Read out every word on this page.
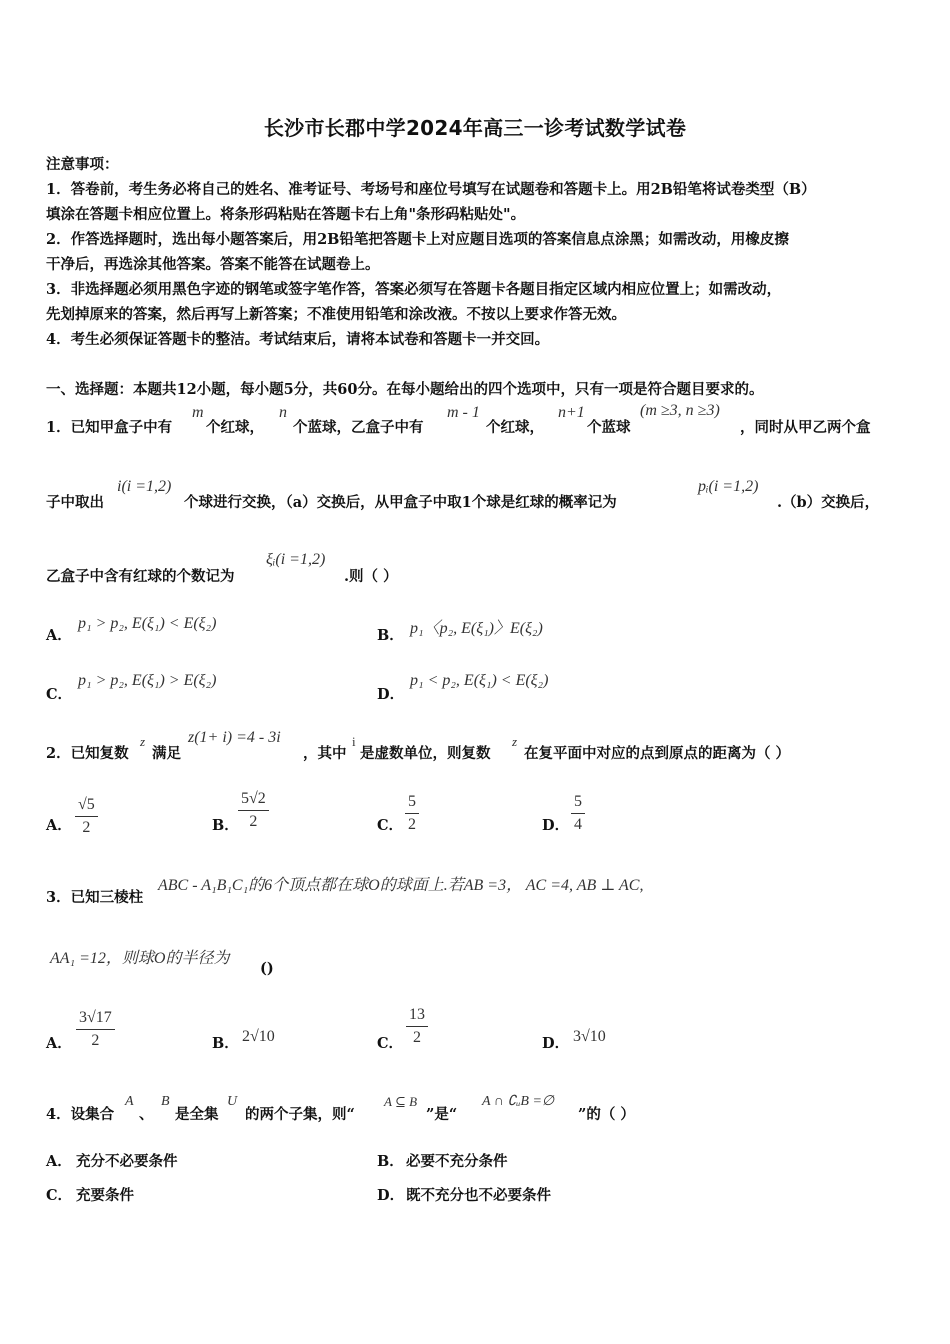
长沙市长郡中学2024年高三一诊考试数学试卷
注意事项：
1．答卷前，考生务必将自己的姓名、准考证号、考场号和座位号填写在试题卷和答题卡上。用2B铅笔将试卷类型（B）
填涂在答题卡相应位置上。将条形码粘贴在答题卡右上角"条形码粘贴处"。
2．作答选择题时，选出每小题答案后，用2B铅笔把答题卡上对应题目选项的答案信息点涂黑；如需改动，用橡皮擦
干净后，再选涂其他答案。答案不能答在试题卷上。
3．非选择题必须用黑色字迹的钢笔或签字笔作答，答案必须写在答题卡各题目指定区域内相应位置上；如需改动，
先划掉原来的答案，然后再写上新答案；不准使用铅笔和涂改液。不按以上要求作答无效。
4．考生必须保证答题卡的整洁。考试结束后，请将本试卷和答题卡一并交回。
一、选择题：本题共12小题，每小题5分，共60分。在每小题给出的四个选项中，只有一项是符合题目要求的。
1．已知甲盒子中有
m
个红球，
n
个蓝球，乙盒子中有
m - 1
个红球，
n+1
个蓝球
(m ≥3, n ≥3)
，同时从甲乙两个盒
子中取出
i(i =1,2)
个球进行交换，（a）交换后，从甲盒子中取1个球是红球的概率记为
pᵢ(i =1,2)
.（b）交换后，
乙盒子中含有红球的个数记为
ξᵢ(i =1,2)
.则（ ）
A．
p₁ > p₂, E(ξ₁) < E(ξ₂)
B． p₁〈p₂, E(ξ₁)〉E(ξ₂)
C．
p₁ > p₂, E(ξ₁) > E(ξ₂)
D．
p₁ < p₂, E(ξ₁) < E(ξ₂)
2．已知复数
z
满足
z(1+ i) =4 - 3i
，其中
i
是虚数单位，则复数
z
在复平面中对应的点到原点的距离为（ ）
A． $\frac{√5}{2}$	B． $\frac{5√2}{2}$	C． $\frac{5}{2}$	D． $\frac{5}{4}$
3．已知三棱柱
ABC - A₁B₁C₁的6个顶点都在球O的球面上.若AB =3， AC =4, AB ⊥ AC,
AA₁ =12，则球O的半径为
()
A． $\frac{3√17}{2}$	B． 2√10	C． $\frac{13}{2}$	D． 3√10
4．设集合
A
、
B
是全集
U
的两个子集，则“
A ⊆ B
”是“
A ∩ ∁ᵤB =∅
”的（ ）
A． 充分不必要条件	B． 必要不充分条件
C． 充要条件	D． 既不充分也不必要条件
